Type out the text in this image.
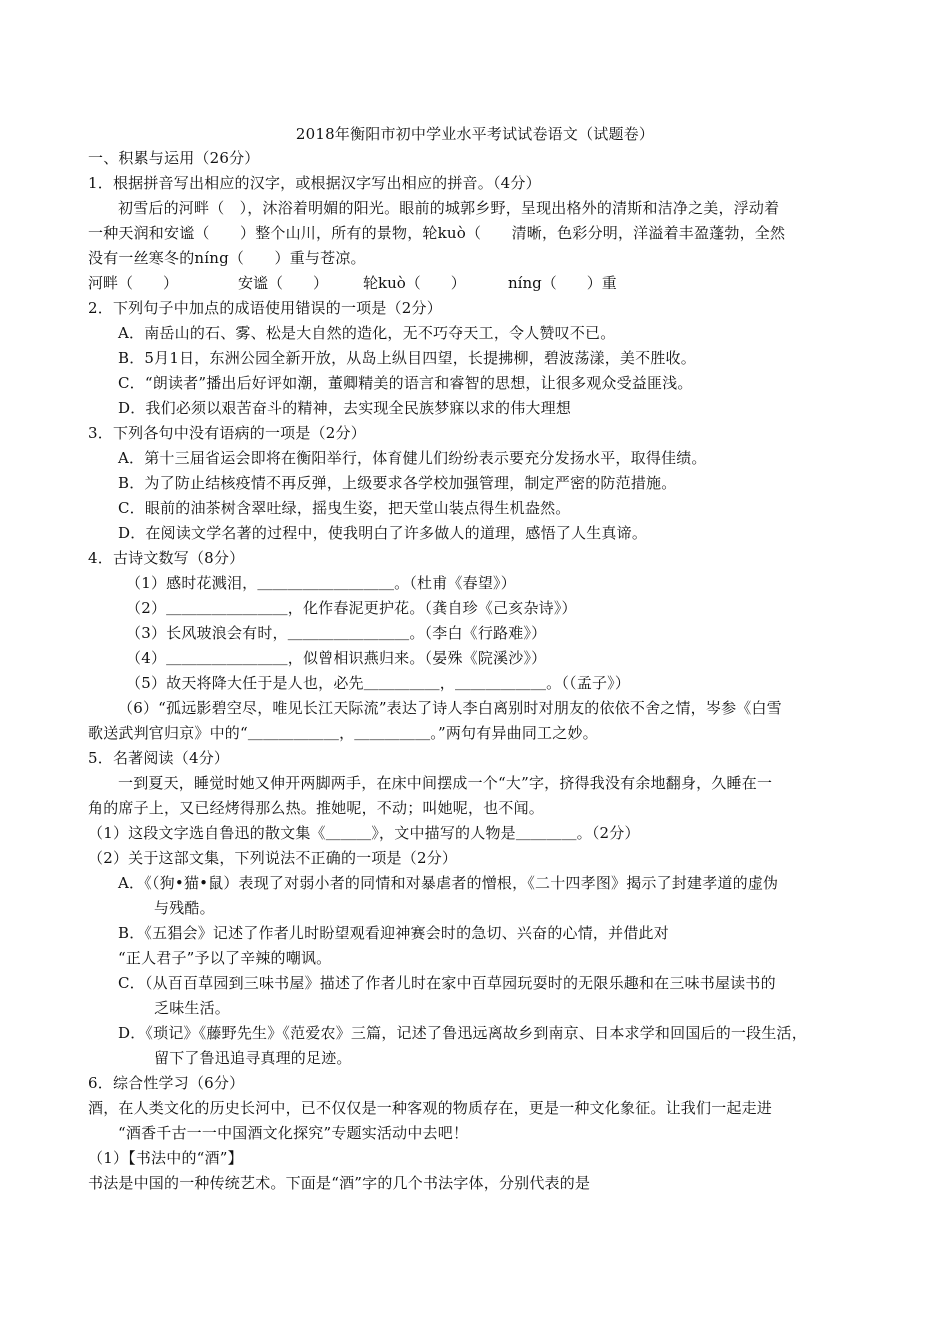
2018年衡阳市初中学业水平考试试卷语文（试题卷）
一、积累与运用（26分）
1．根据拼音写出相应的汉字，或根据汉字写出相应的拼音。（4分）
初雪后的河畔（　），沐浴着明媚的阳光。眼前的城郭乡野，呈现出格外的清斯和洁净之美，浮动着
一种天润和安谧（　　）整个山川，所有的景物，轮kuò（　　清晰，色彩分明，洋溢着丰盈蓬勃，全然
没有一丝寒冬的níng（　　）重与苍凉。
河畔（　　）	安谧（　　） 轮kuò（　　）	níng（　　）重
2．下列句子中加点的成语使用错误的一项是（2分）
A．南岳山的石、雾、松是大自然的造化，无不巧夺天工，令人赞叹不已。
B．5月1日，东洲公园全新开放，从岛上纵目四望，长提拂柳，碧波荡漾，美不胜收。
C．“朗读者”播出后好评如潮，董卿精美的语言和睿智的思想，让很多观众受益匪浅。
D．我们必须以艰苦奋斗的精神，去实现全民族梦寐以求的伟大理想
3．下列各句中没有语病的一项是（2分）
A．第十三届省运会即将在衡阳举行，体育健儿们纷纷表示要充分发扬水平，取得佳绩。
B．为了防止结核疫情不再反弹，上级要求各学校加强管理，制定严密的防范措施。
C．眼前的油茶树含翠吐绿，摇曳生姿，把天堂山装点得生机盎然。
D．在阅读文学名著的过程中，使我明白了许多做人的道理，感悟了人生真谛。
4．古诗文数写（8分）
（1）感时花溅泪，＿＿＿＿＿＿＿＿＿。（杜甫《春望》）
（2）＿＿＿＿＿＿＿＿，化作春泥更护花。（龚自珍《己亥杂诗》）
（3）长风玻浪会有时，＿＿＿＿＿＿＿＿。（李白《行路难》）
（4）＿＿＿＿＿＿＿＿，似曾相识燕归来。（晏殊《院溪沙》）
（5）故天将降大任于是人也，必先＿＿＿＿＿，＿＿＿＿＿＿。（（孟子》）
（6）“孤远影碧空尽，唯见长江天际流”表达了诗人李白离别时对朋友的依依不舍之情，岑参《白雪
歌送武判官归京》中的“＿＿＿＿＿＿，＿＿＿＿＿。”两句有异曲同工之妙。
5．名著阅读（4分）
一到夏天，睡觉时她又伸开两脚两手，在床中间摆成一个“大”字，挤得我没有余地翻身，久睡在一
角的席子上，又已经烤得那么热。推她呢，不动；叫她呢，也不闻。
（1）这段文字选自鲁迅的散文集《＿＿＿》，文中描写的人物是＿＿＿＿。（2分）
（2）关于这部文集，下列说法不正确的一项是（2分）
A．《（狗•猫•鼠）表现了对弱小者的同情和对暴虐者的憎根，《二十四孝图》揭示了封建孝道的虚伪
与残酷。
B．《五猖会》记述了作者儿时盼望观看迎神赛会时的急切、兴奋的心情，并借此对
“正人君子”予以了辛辣的嘲讽。
C．（从百百草园到三味书屋》描述了作者儿时在家中百草园玩耍时的无限乐趣和在三味书屋读书的
乏味生活。
D．《琐记》《藤野先生》《范爱农》三篇，记述了鲁迅远离故乡到南京、日本求学和回国后的一段生活，
留下了鲁迅追寻真理的足迹。
6．综合性学习（6分）
酒，在人类文化的历史长河中，已不仅仅是一种客观的物质存在，更是一种文化象征。让我们一起走进
“酒香千古一一中国酒文化探究”专题实活动中去吧！
（1）【书法中的“酒”】
书法是中国的一种传统艺术。下面是“酒”字的几个书法字体，分别代表的是
